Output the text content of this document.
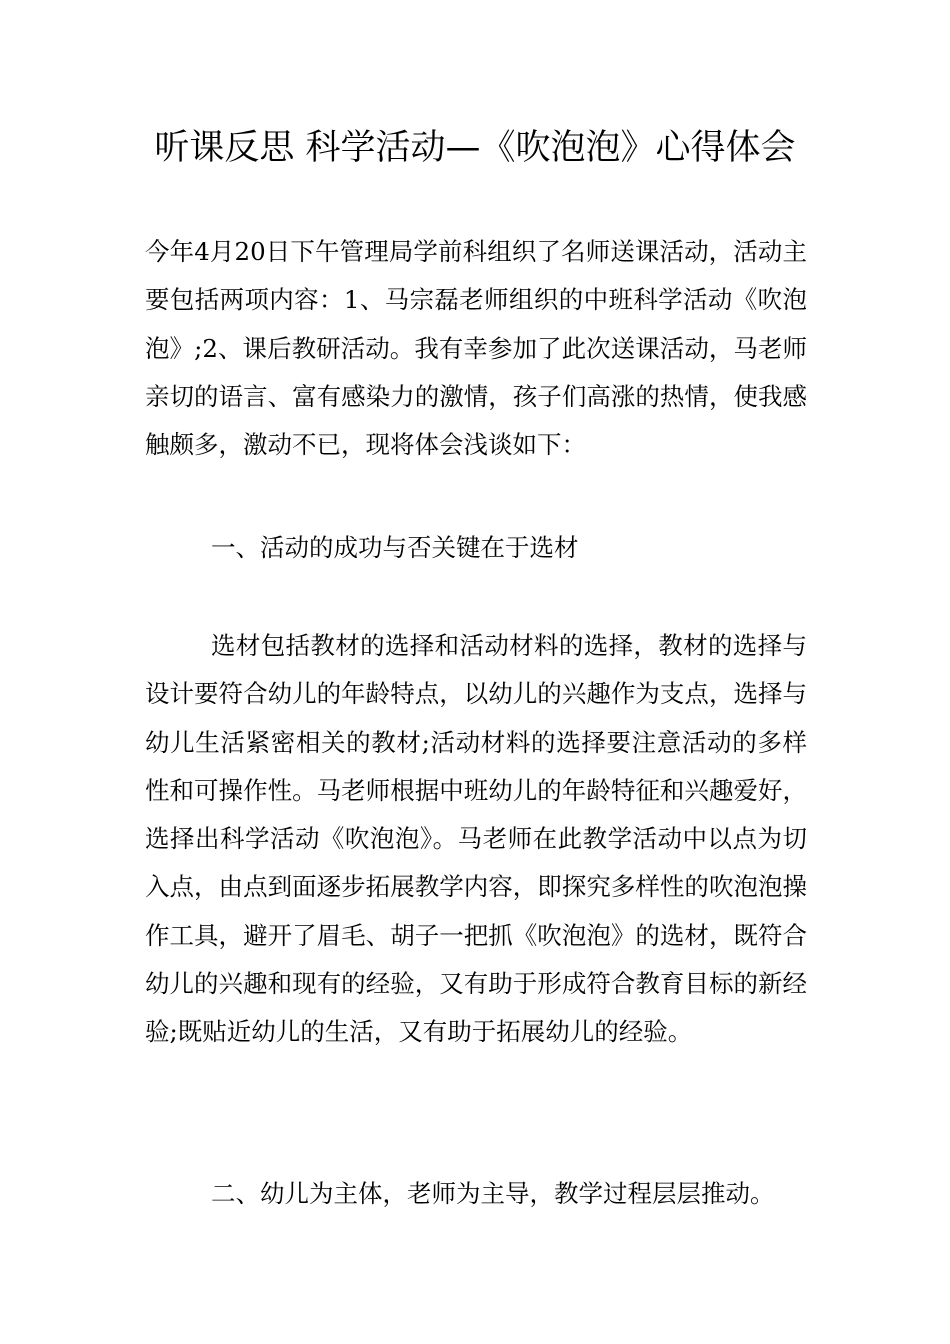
听课反思 科学活动—《吹泡泡》心得体会

今年4月20日下午管理局学前科组织了名师送课活动，活动主要包括两项内容：1、马宗磊老师组织的中班科学活动《吹泡泡》;2、课后教研活动。我有幸参加了此次送课活动，马老师亲切的语言、富有感染力的激情，孩子们高涨的热情，使我感触颇多，激动不已，现将体会浅谈如下：

一、活动的成功与否关键在于选材

选材包括教材的选择和活动材料的选择，教材的选择与设计要符合幼儿的年龄特点，以幼儿的兴趣作为支点，选择与幼儿生活紧密相关的教材;活动材料的选择要注意活动的多样性和可操作性。马老师根据中班幼儿的年龄特征和兴趣爱好，选择出科学活动《吹泡泡》。马老师在此教学活动中以点为切入点，由点到面逐步拓展教学内容，即探究多样性的吹泡泡操作工具，避开了眉毛、胡子一把抓《吹泡泡》的选材，既符合幼儿的兴趣和现有的经验，又有助于形成符合教育目标的新经验;既贴近幼儿的生活，又有助于拓展幼儿的经验。

二、幼儿为主体，老师为主导，教学过程层层推动。
